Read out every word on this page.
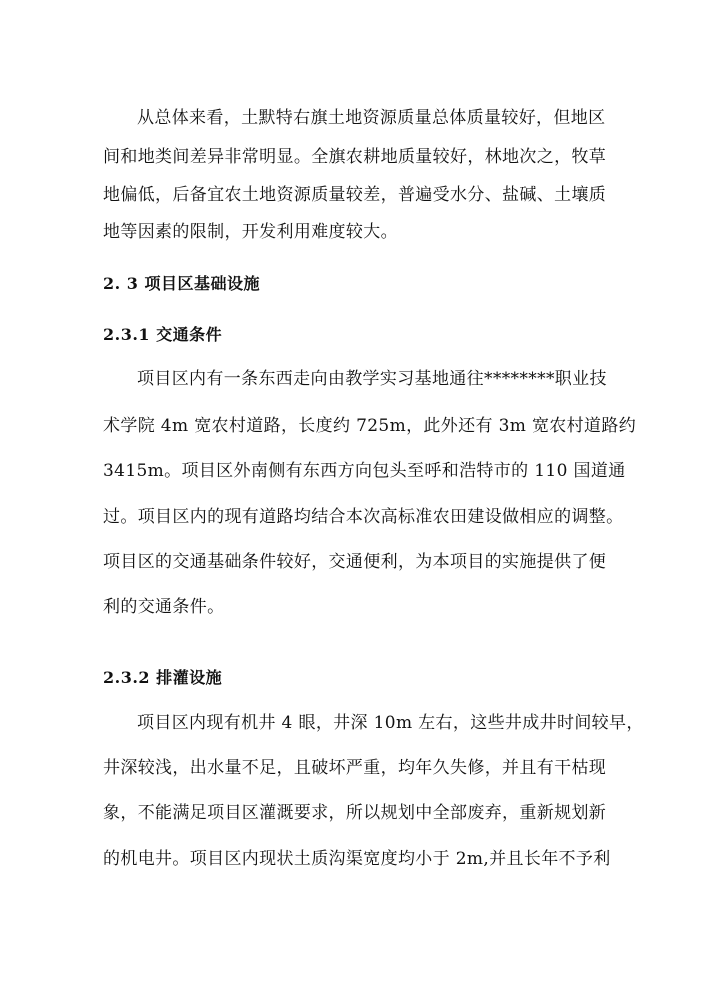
从总体来看，土默特右旗土地资源质量总体质量较好，但地区
间和地类间差异非常明显。全旗农耕地质量较好，林地次之，牧草
地偏低，后备宜农土地资源质量较差，普遍受水分、盐碱、土壤质
地等因素的限制，开发利用难度较大。
2. 3 项目区基础设施
2.3.1 交通条件
项目区内有一条东西走向由教学实习基地通往********职业技
术学院 4m 宽农村道路，长度约 725m，此外还有 3m 宽农村道路约
3415m。项目区外南侧有东西方向包头至呼和浩特市的 110 国道通
过。项目区内的现有道路均结合本次高标准农田建设做相应的调整。
项目区的交通基础条件较好，交通便利，为本项目的实施提供了便
利的交通条件。
2.3.2 排灌设施
项目区内现有机井 4 眼，井深 10m 左右，这些井成井时间较早，
井深较浅，出水量不足，且破坏严重，均年久失修，并且有干枯现
象，不能满足项目区灌溉要求，所以规划中全部废弃，重新规划新
的机电井。项目区内现状土质沟渠宽度均小于 2m,并且长年不予利
